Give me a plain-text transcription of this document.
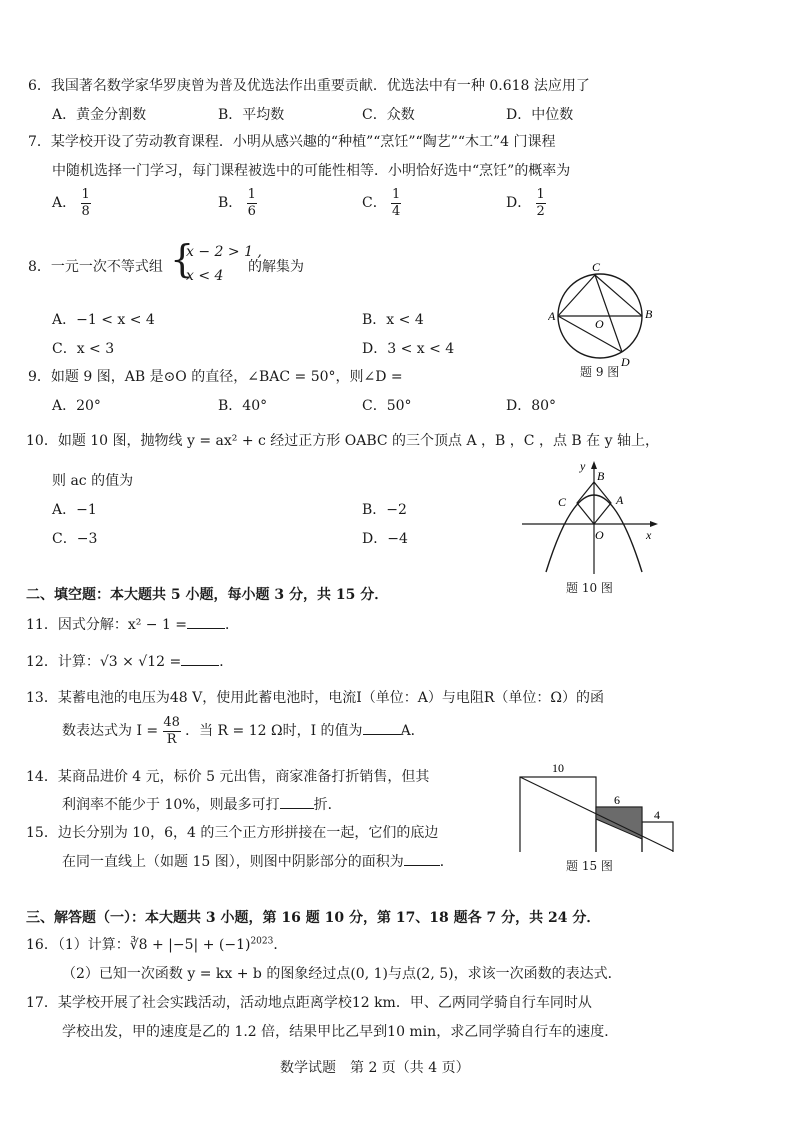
6．我国著名数学家华罗庚曾为普及优选法作出重要贡献．优选法中有一种 0.618 法应用了
A．黄金分割数	B．平均数	C．众数	D．中位数
7．某学校开设了劳动教育课程．小明从感兴趣的“种植”“烹饪”“陶艺”“木工”4 门课程
中随机选择一门学习，每门课程被选中的可能性相等．小明恰好选中“烹饪”的概率为
A． $\frac{1}{8}$	B． $\frac{1}{6}$	C． $\frac{1}{4}$	D． $\frac{1}{2}$
8．一元一次不等式组 {
x − 2 > 1 ,
x < 4
的解集为
A．−1 < x < 4	B．x < 4
C．x < 3	D．3 < x < 4
C
A	B
D
O
题 9 图
9．如题 9 图，AB 是⊙O 的直径，∠BAC = 50°，则∠D =
A．20°	B．40°	C．50°	D．80°
10．如题 10 图，抛物线 y = ax² + c 经过正方形 OABC 的三个顶点 A ，B ，C ，点 B 在 y 轴上，
则 ac 的值为
A．−1	B．−2
C．−3	D．−4
y
B
C	A
O	x
题 10 图
二、填空题：本大题共 5 小题，每小题 3 分，共 15 分．
11．因式分解：x² − 1 =	．
12．计算：√3 × √12 =	．
13．某蓄电池的电压为48 V，使用此蓄电池时，电流I（单位：A）与电阻R（单位：Ω）的函
数表达式为 $I = \frac{48}{R}$ ．当 R = 12 Ω时，I 的值为	A．
14．某商品进价 4 元，标价 5 元出售，商家准备打折销售，但其
利润率不能少于 10%，则最多可打 折．
15．边长分别为 10，6，4 的三个正方形拼接在一起，它们的底边
在同一直线上（如题 15 图），则图中阴影部分的面积为	．
10
6
4
题 15 图
三、解答题（一）：本大题共 3 小题，第 16 题 10 分，第 17、18 题各 7 分，共 24 分．
16．（1）计算：∛8 + $|-5| + (-1)^{2023}$．
（2）已知一次函数 y = kx + b 的图象经过点(0, 1)与点(2, 5)，求该一次函数的表达式．
17．某学校开展了社会实践活动，活动地点距离学校12 km．甲、乙两同学骑自行车同时从
学校出发，甲的速度是乙的 1.2 倍，结果甲比乙早到10 min，求乙同学骑自行车的速度．
数学试题　第 2 页（共 4 页）
